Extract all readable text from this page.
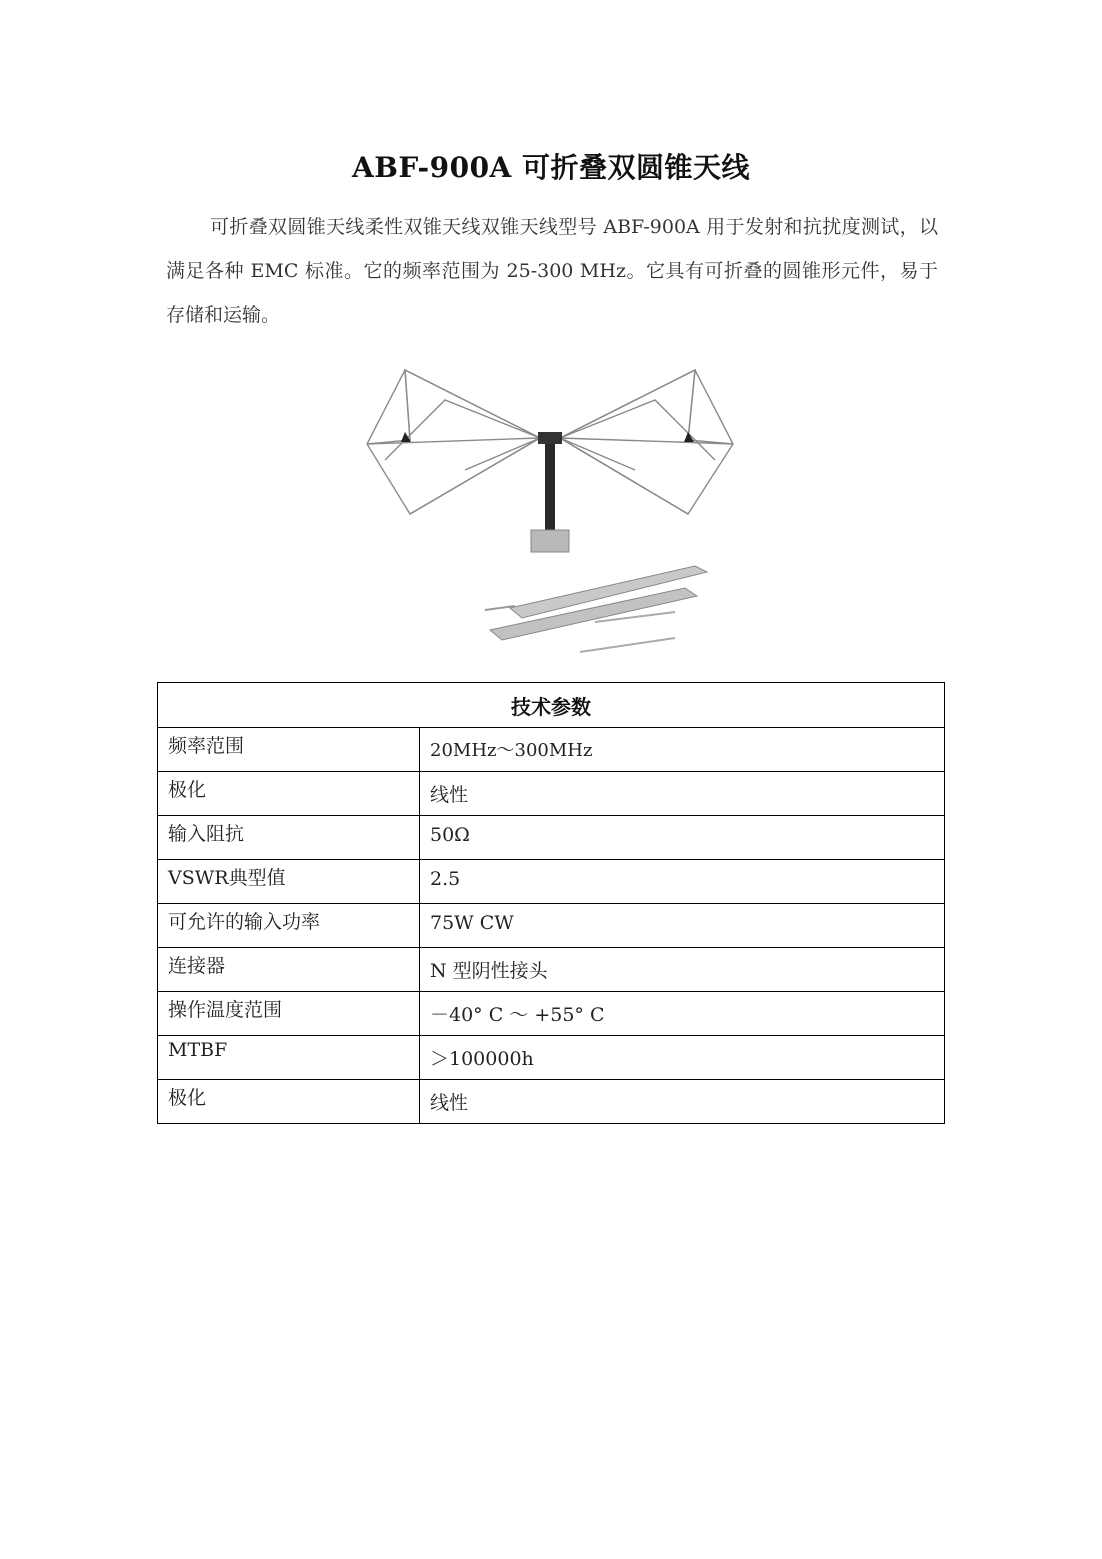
ABF-900A 可折叠双圆锥天线

可折叠双圆锥天线柔性双锥天线双锥天线型号 ABF-900A 用于发射和抗扰度测试，以满足各种 EMC 标准。它的频率范围为 25-300 MHz。它具有可折叠的圆锥形元件，易于存储和运输。

技术参数	
频率范围	20MHz～300MHz
极化	线性
输入阻抗	50Ω
VSWR典型值	2.5
可允许的输入功率	75W CW
连接器	N 型阴性接头
操作温度范围	－40° C ～ +55° C
MTBF	＞100000h
极化	线性
